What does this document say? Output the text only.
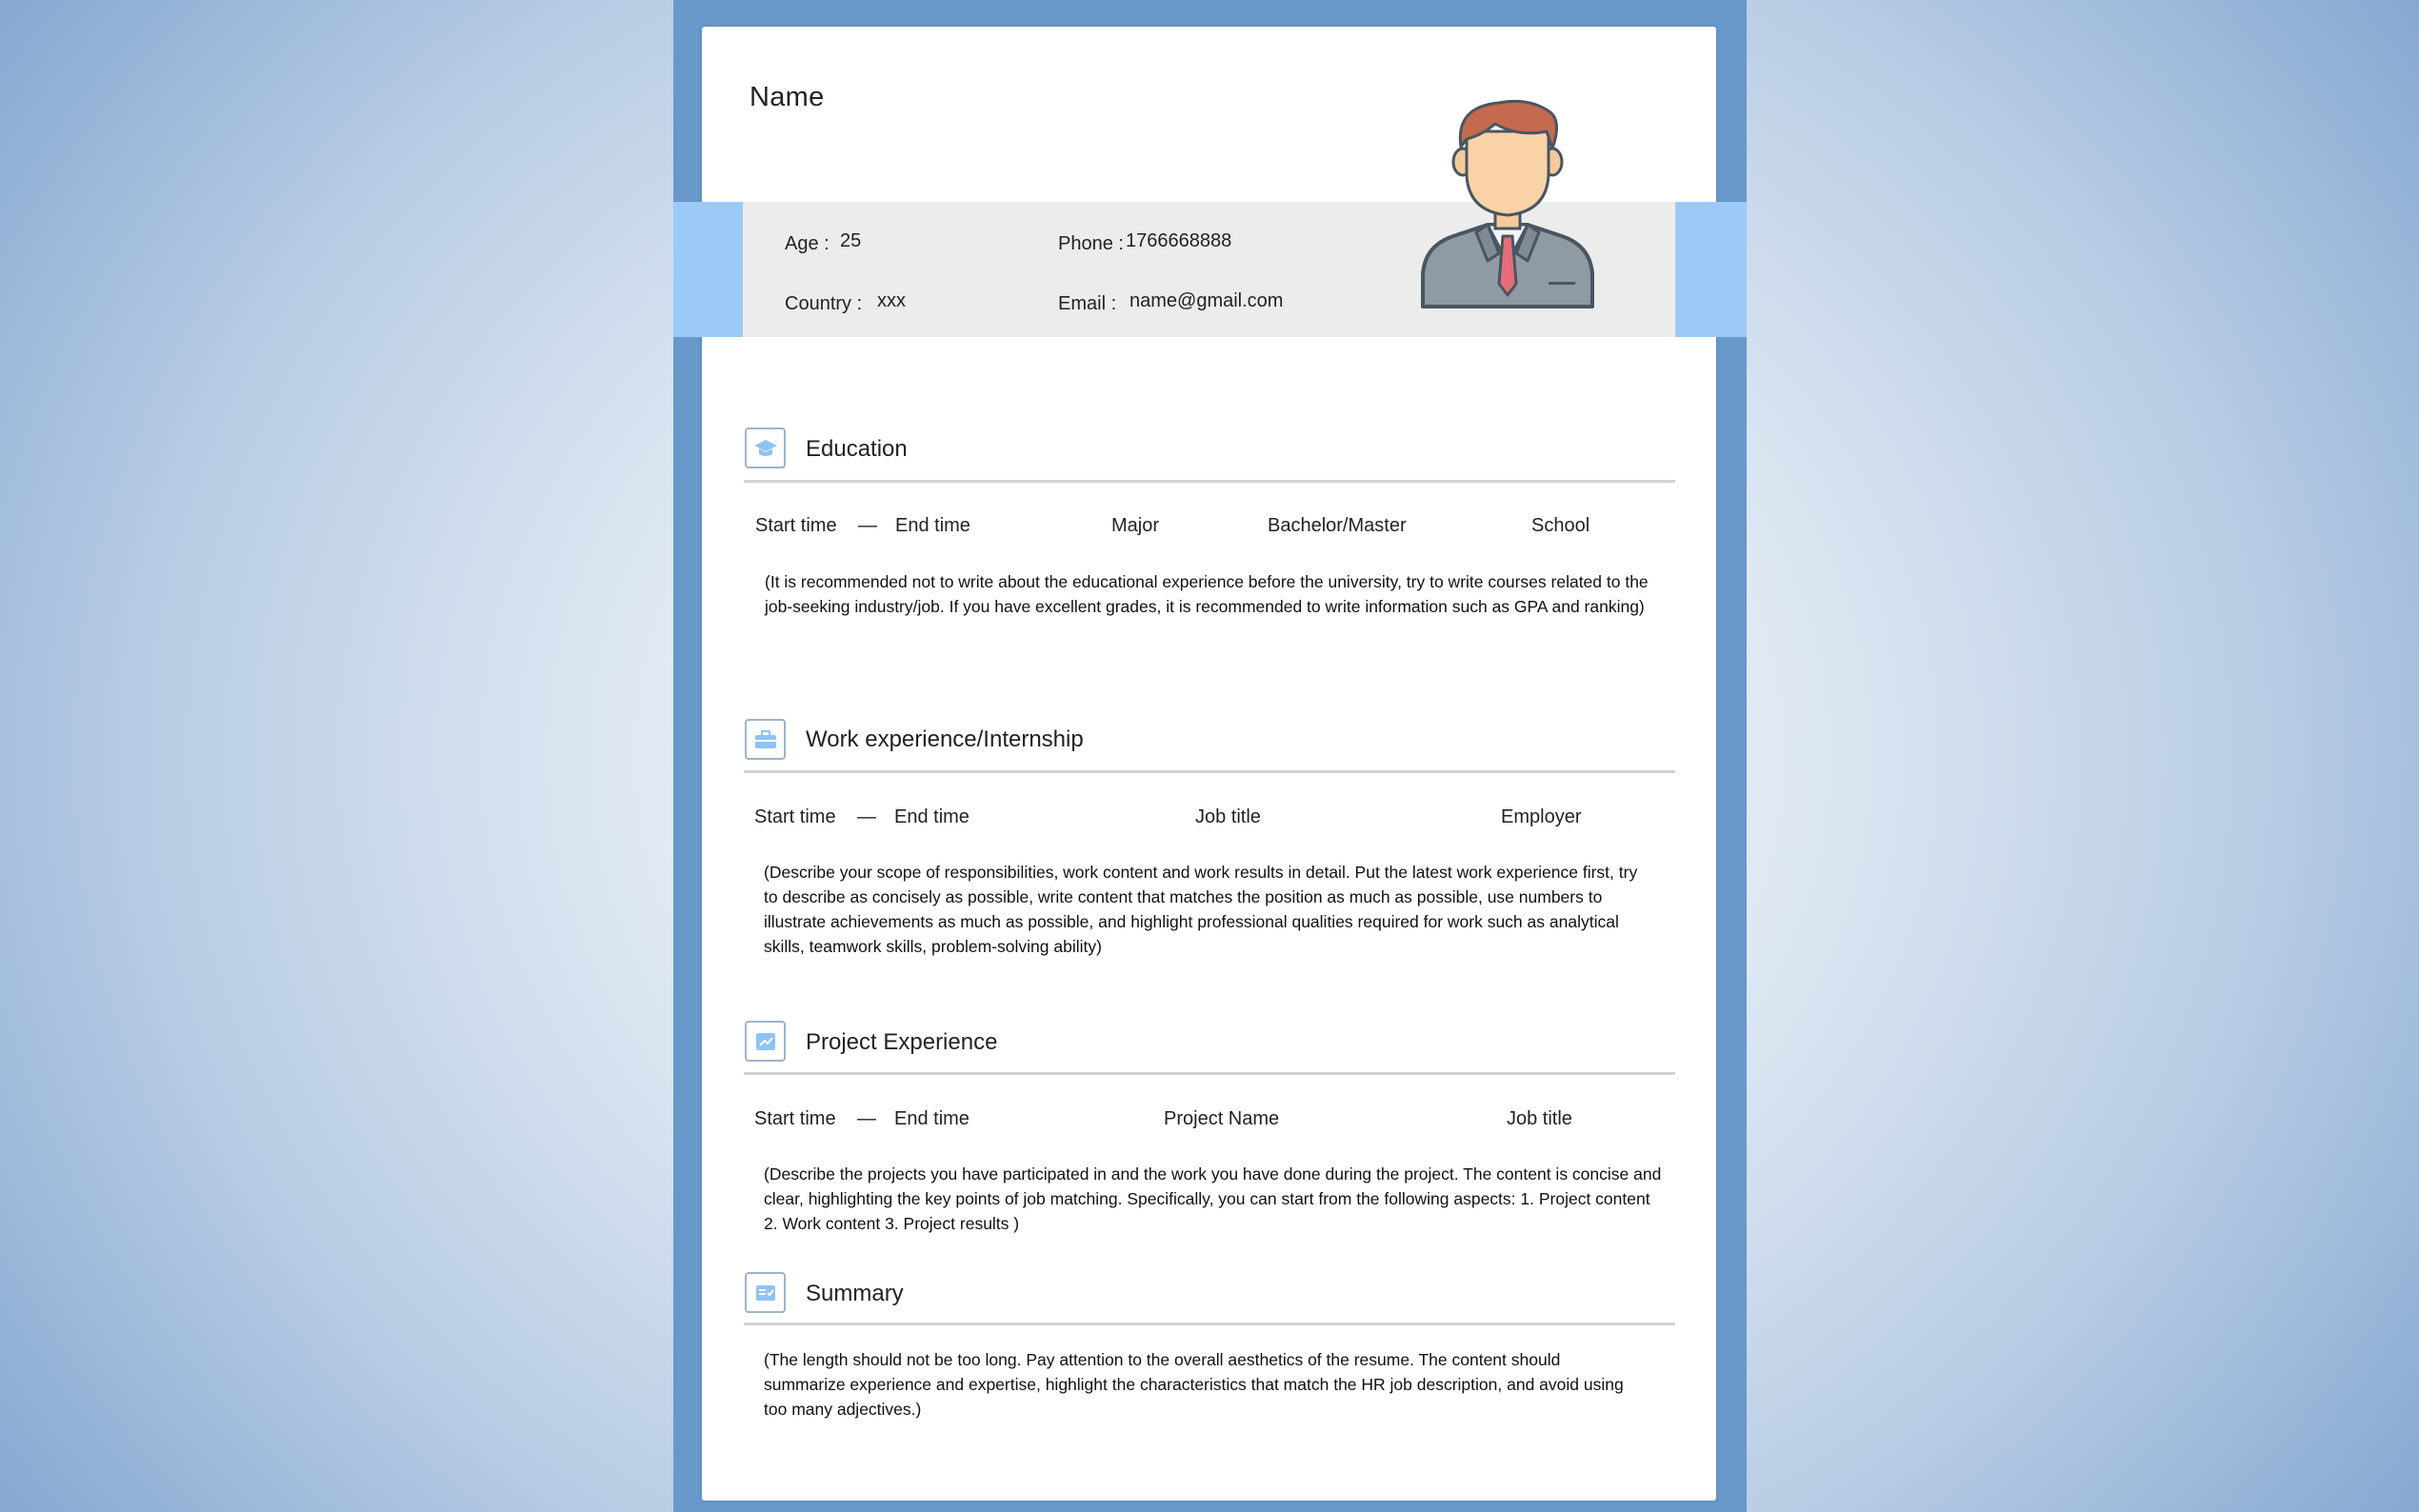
Name
Age : 25	Phone : 1766668888
Country : xxx	Email : name@gmail.com
Education
Start time — End time	Major	Bachelor/Master	School
(It is recommended not to write about the educational experience before the university, try to write courses related to the job-seeking industry/job. If you have excellent grades, it is recommended to write information such as GPA and ranking)
Work experience/Internship
Start time — End time	Job title	Employer
(Describe your scope of responsibilities, work content and work results in detail. Put the latest work experience first, try to describe as concisely as possible, write content that matches the position as much as possible, use numbers to illustrate achievements as much as possible, and highlight professional qualities required for work such as analytical skills, teamwork skills, problem-solving ability)
Project Experience
Start time — End time	Project Name	Job title
(Describe the projects you have participated in and the work you have done during the project. The content is concise and clear, highlighting the key points of job matching. Specifically, you can start from the following aspects: 1. Project content 2. Work content 3. Project results )
Summary
(The length should not be too long. Pay attention to the overall aesthetics of the resume. The content should summarize experience and expertise, highlight the characteristics that match the HR job description, and avoid using too many adjectives.)
